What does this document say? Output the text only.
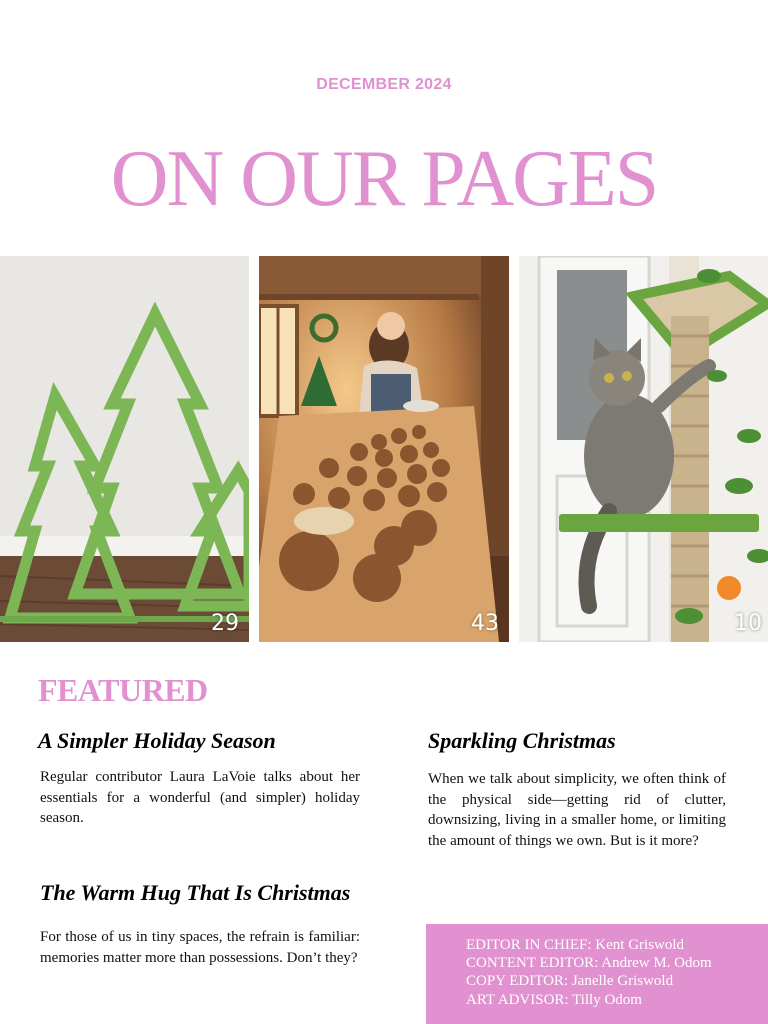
DECEMBER 2024
ON OUR PAGES
29	43	10
FEATURED
A Simpler Holiday Season

Regular contributor Laura LaVoie talks about her essentials for a wonderful (and simpler) holiday season.

Sparkling Christmas

When we talk about simplicity, we often think of the physical side—getting rid of clutter, downsizing, living in a smaller home, or limiting the amount of things we own. But is it more?

The Warm Hug That Is Christmas

For those of us in tiny spaces, the refrain is familiar: memories matter more than possessions. Don’t they?

EDITOR IN CHIEF: Kent Griswold
CONTENT EDITOR: Andrew M. Odom
COPY EDITOR: Janelle Griswold
ART ADVISOR: Tilly Odom
